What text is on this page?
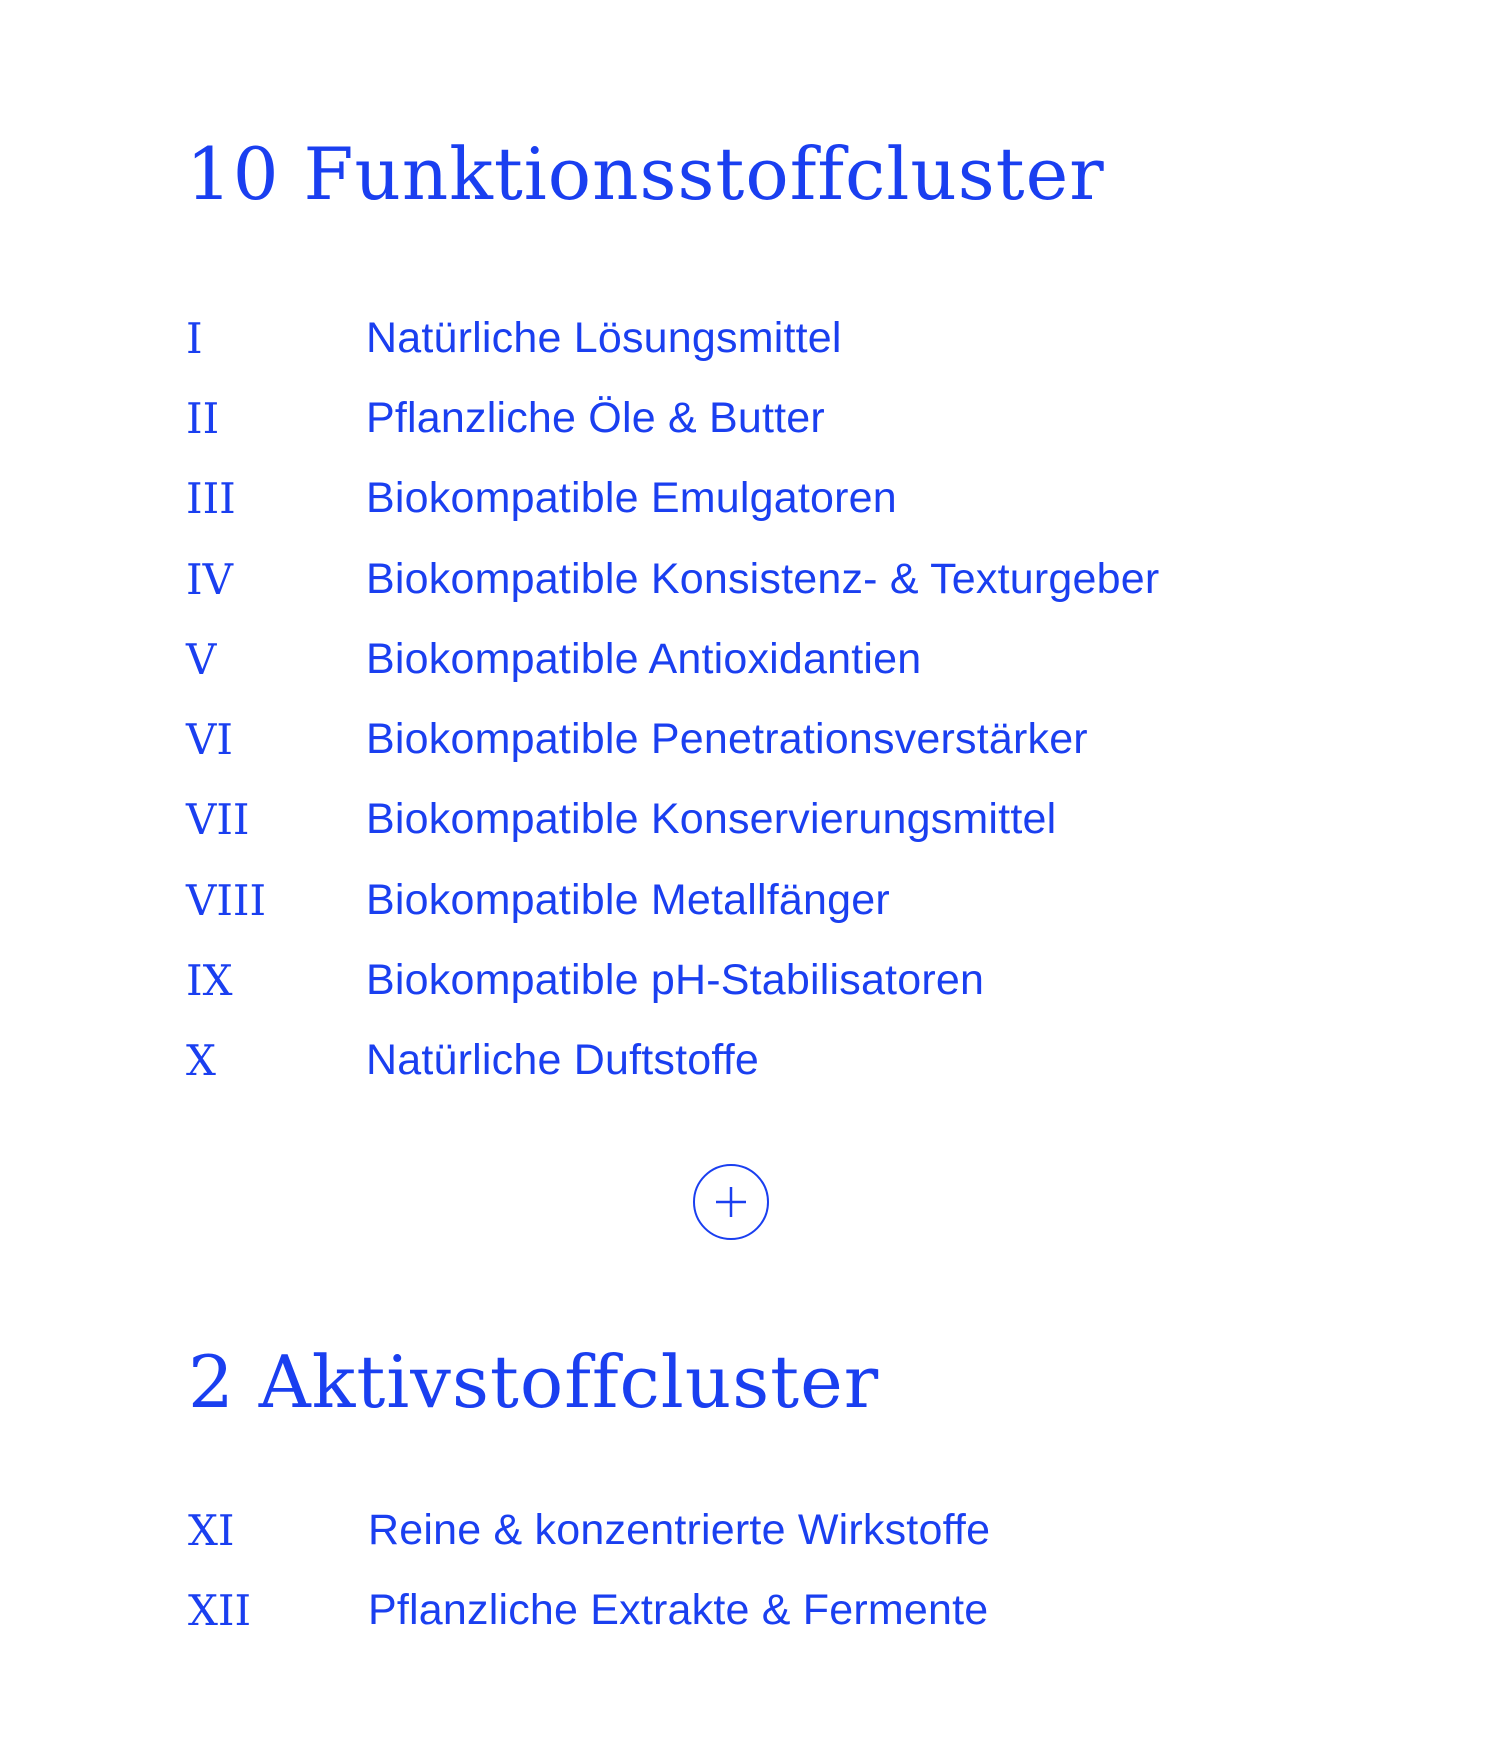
10 Funktionsstoffcluster
I	Natürliche Lösungsmittel
II	Pflanzliche Öle & Butter
III	Biokompatible Emulgatoren
IV	Biokompatible Konsistenz- & Texturgeber
V	Biokompatible Antioxidantien
VI	Biokompatible Penetrationsverstärker
VII	Biokompatible Konservierungsmittel
VIII	Biokompatible Metallfänger
IX	Biokompatible pH-Stabilisatoren
X	Natürliche Duftstoffe
2 Aktivstoffcluster
XI	Reine & konzentrierte Wirkstoffe
XII	Pflanzliche Extrakte & Fermente
